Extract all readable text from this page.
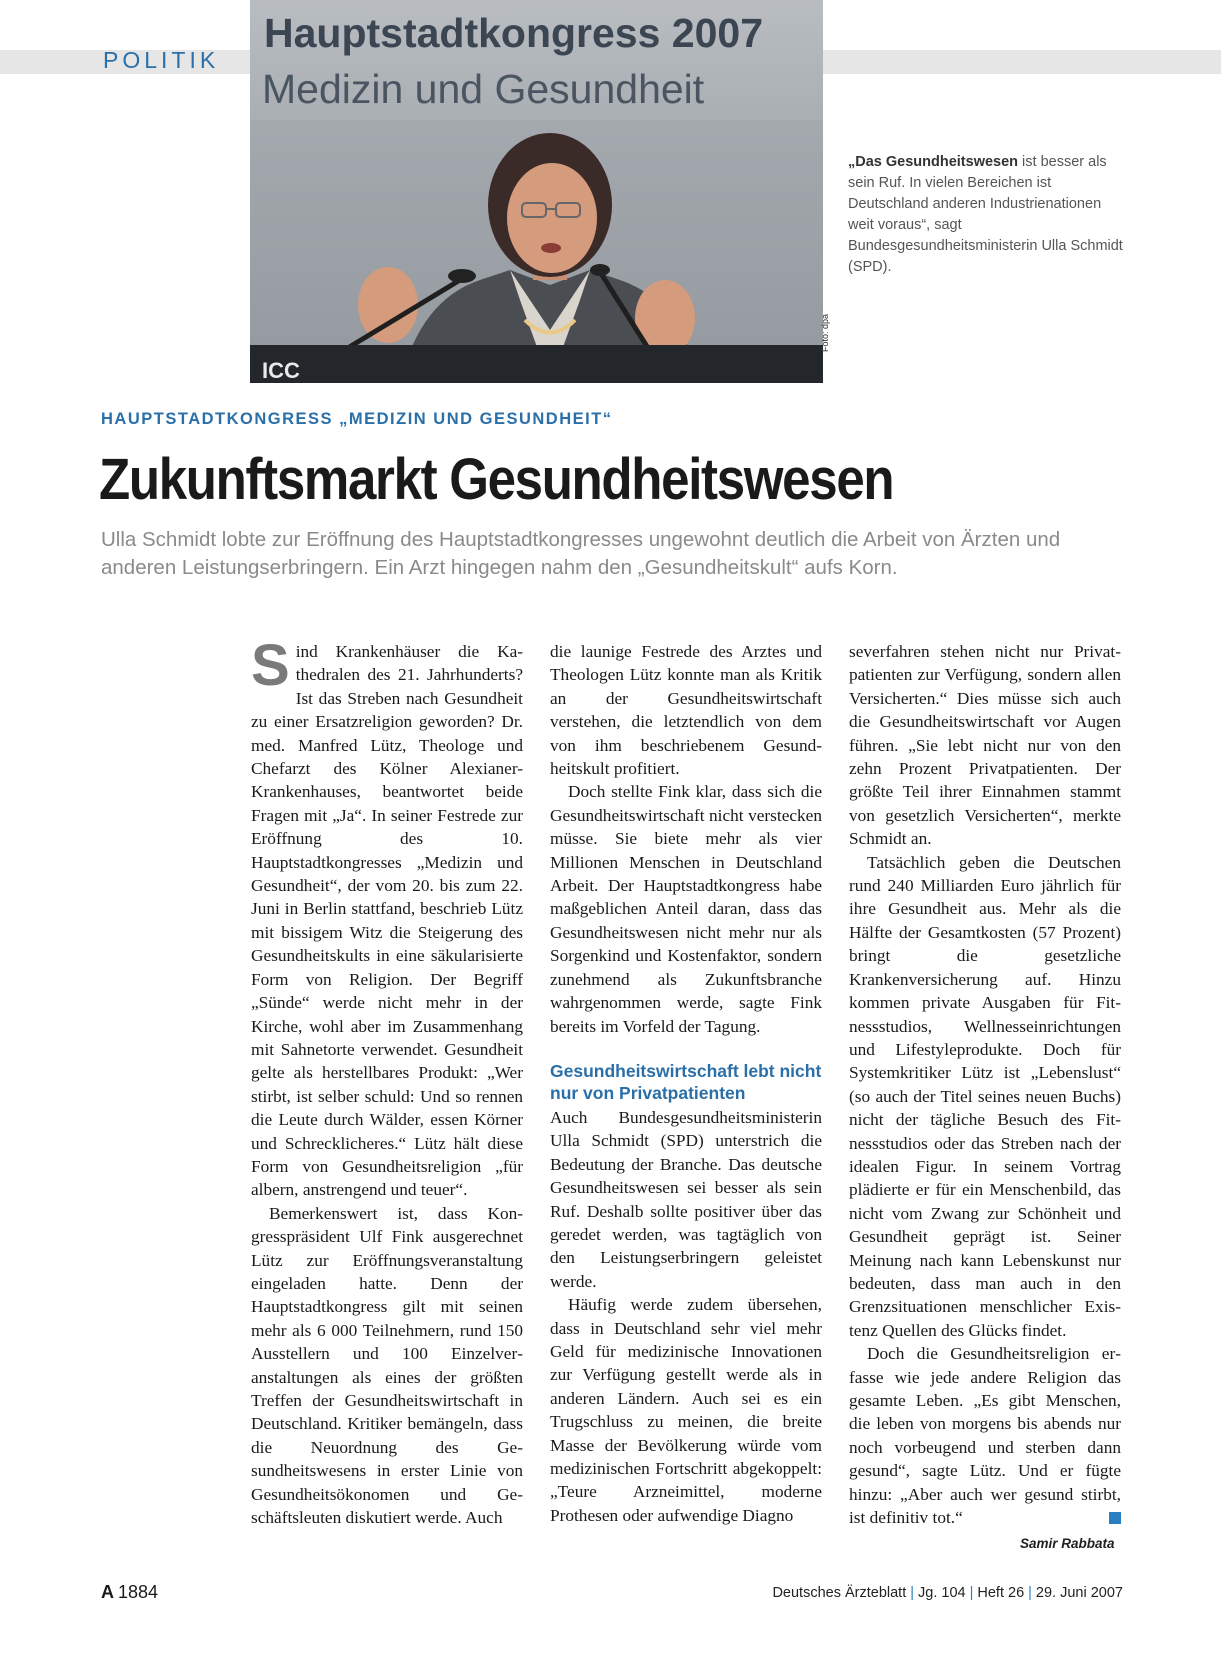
POLITIK
Hauptstadtkongress 2007
Medizin und Gesundheit
ICC
Foto: dpa
„Das Gesundheitswesen ist besser als sein Ruf. In vielen Bereichen ist Deutschland anderen Industrienationen weit voraus“, sagt Bundesgesundheitsministerin Ulla Schmidt (SPD).
HAUPTSTADTKONGRESS „MEDIZIN UND GESUNDHEIT“
Zukunftsmarkt Gesundheitswesen
Ulla Schmidt lobte zur Eröffnung des Hauptstadtkongresses ungewohnt deutlich die Arbeit von Ärzten und anderen Leistungserbringern. Ein Arzt hingegen nahm den „Gesundheitskult“ aufs Korn.

Sind Krankenhäuser die Kathedralen des 21. Jahrhunderts? Ist das Streben nach Gesundheit zu einer Ersatzreligion geworden? Dr. med. Manfred Lütz, Theologe und Chefarzt des Kölner Alexianer-Krankenhauses, beantwortet beide Fragen mit „Ja“. In seiner Festrede zur Eröffnung des 10. Hauptstadtkongresses „Medizin und Gesundheit“, der vom 20. bis zum 22. Juni in Berlin stattfand, beschrieb Lütz mit bissigem Witz die Steigerung des Gesundheitskults in eine säkularisierte Form von Religion. Der Begriff „Sünde“ werde nicht mehr in der Kirche, wohl aber im Zusammenhang mit Sahnetorte verwendet. Gesundheit gelte als herstellbares Produkt: „Wer stirbt, ist selber schuld: Und so rennen die Leute durch Wälder, essen Körner und Schrecklicheres.“ Lütz hält diese Form von Gesundheitsreligion „für albern, anstrengend und teuer“.

Bemerkenswert ist, dass Kongresspräsident Ulf Fink ausgerechnet Lütz zur Eröffnungsveranstaltung eingeladen hatte. Denn der Hauptstadtkongress gilt mit seinen mehr als 6 000 Teilnehmern, rund 150 Ausstellern und 100 Einzelveranstaltungen als eines der größten Treffen der Gesundheitswirtschaft in Deutschland. Kritiker bemängeln, dass die Neuordnung des Gesundheitswesens in erster Linie von Gesundheitsökonomen und Geschäftsleuten diskutiert werde. Auch

die launige Festrede des Arztes und Theologen Lütz konnte man als Kritik an der Gesundheitswirtschaft verstehen, die letztendlich von dem von ihm beschriebenem Gesundheitskult profitiert.

Doch stellte Fink klar, dass sich die Gesundheitswirtschaft nicht verstecken müsse. Sie biete mehr als vier Millionen Menschen in Deutschland Arbeit. Der Hauptstadtkongress habe maßgeblichen Anteil daran, dass das Gesundheitswesen nicht mehr nur als Sorgenkind und Kostenfaktor, sondern zunehmend als Zukunftsbranche wahrgenommen werde, sagte Fink bereits im Vorfeld der Tagung.

Gesundheitswirtschaft lebt nicht nur von Privatpatienten

Auch Bundesgesundheitsministerin Ulla Schmidt (SPD) unterstrich die Bedeutung der Branche. Das deutsche Gesundheitswesen sei besser als sein Ruf. Deshalb sollte positiver über das geredet werden, was tagtäglich von den Leistungserbringern geleistet werde.

Häufig werde zudem übersehen, dass in Deutschland sehr viel mehr Geld für medizinische Innovationen zur Verfügung gestellt werde als in anderen Ländern. Auch sei es ein Trugschluss zu meinen, die breite Masse der Bevölkerung würde vom medizinischen Fortschritt abgekoppelt: „Teure Arzneimittel, moderne Prothesen oder aufwendige Diagno

severfahren stehen nicht nur Privatpatienten zur Verfügung, sondern allen Versicherten.“ Dies müsse sich auch die Gesundheitswirtschaft vor Augen führen. „Sie lebt nicht nur von den zehn Prozent Privatpatienten. Der größte Teil ihrer Einnahmen stammt von gesetzlich Versicherten“, merkte Schmidt an.

Tatsächlich geben die Deutschen rund 240 Milliarden Euro jährlich für ihre Gesundheit aus. Mehr als die Hälfte der Gesamtkosten (57 Prozent) bringt die gesetzliche Krankenversicherung auf. Hinzu kommen private Ausgaben für Fitnessstudios, Wellnesseinrichtungen und Lifestyleprodukte. Doch für Systemkritiker Lütz ist „Lebenslust“ (so auch der Titel seines neuen Buchs) nicht der tägliche Besuch des Fitnessstudios oder das Streben nach der idealen Figur. In seinem Vortrag plädierte er für ein Menschenbild, das nicht vom Zwang zur Schönheit und Gesundheit geprägt ist. Seiner Meinung nach kann Lebenskunst nur bedeuten, dass man auch in den Grenzsituationen menschlicher Existenz Quellen des Glücks findet.

Doch die Gesundheitsreligion erfasse wie jede andere Religion das gesamte Leben. „Es gibt Menschen, die leben von morgens bis abends nur noch vorbeugend und sterben dann gesund“, sagte Lütz. Und er fügte hinzu: „Aber auch wer gesund stirbt, ist definitiv tot.“

Samir Rabbata
A 1884	Deutsches Ärzteblatt | Jg. 104 | Heft 26 | 29. Juni 2007
